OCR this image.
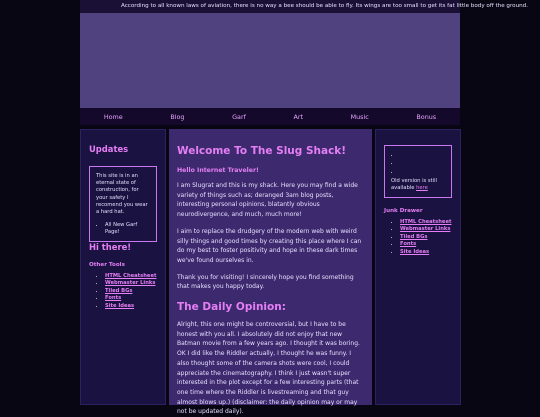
According to all known laws of aviation, there is no way a bee should be able to fly. Its wings are too small to get its fat little body off the ground.
Home	Blog	Garf	Art	Music	Bonus
Updates

This site is in an eternal state of construction, for your safety I recomend you wear a hard hat.

• All New Garf Page!
Hi there!
Other Tools
• HTML Cheatsheet
• Webmaster Links
• Tiled BGs
• Fonts
• Site Ideas
Welcome To The Slug Shack!
Hello Internet Traveler!

I am Slugrat and this is my shack. Here you may find a wide variety of things such as; deranged 3am blog posts, interesting personal opinions, blatantly obvious neurodivergence, and much, much more!

I aim to replace the drudgery of the modern web with weird silly things and good times by creating this place where I can do my best to foster positivity and hope in these dark times we've found ourselves in.

Thank you for visiting! I sincerely hope you find something that makes you happy today.

The Daily Opinion:

Alright, this one might be controversial, but I have to be honest with you all. I absolutely did not enjoy that new Batman movie from a few years ago. I thought it was boring. OK I did like the Riddler actually, I thought he was funny. I also thought some of the camera shots were cool, I could appreciate the cinematography. I think I just wasn't super interested in the plot except for a few interesting parts (that one time where the Riddler is livestreaming and that guy almost blows up.) (disclaimer: the daily opinion may or may not be updated daily).

•
•
•

Old version is still available here

Junk Drawer
• HTML Cheatsheet
• Webmaster Links
• Tiled BGs
• Fonts
• Site Ideas
